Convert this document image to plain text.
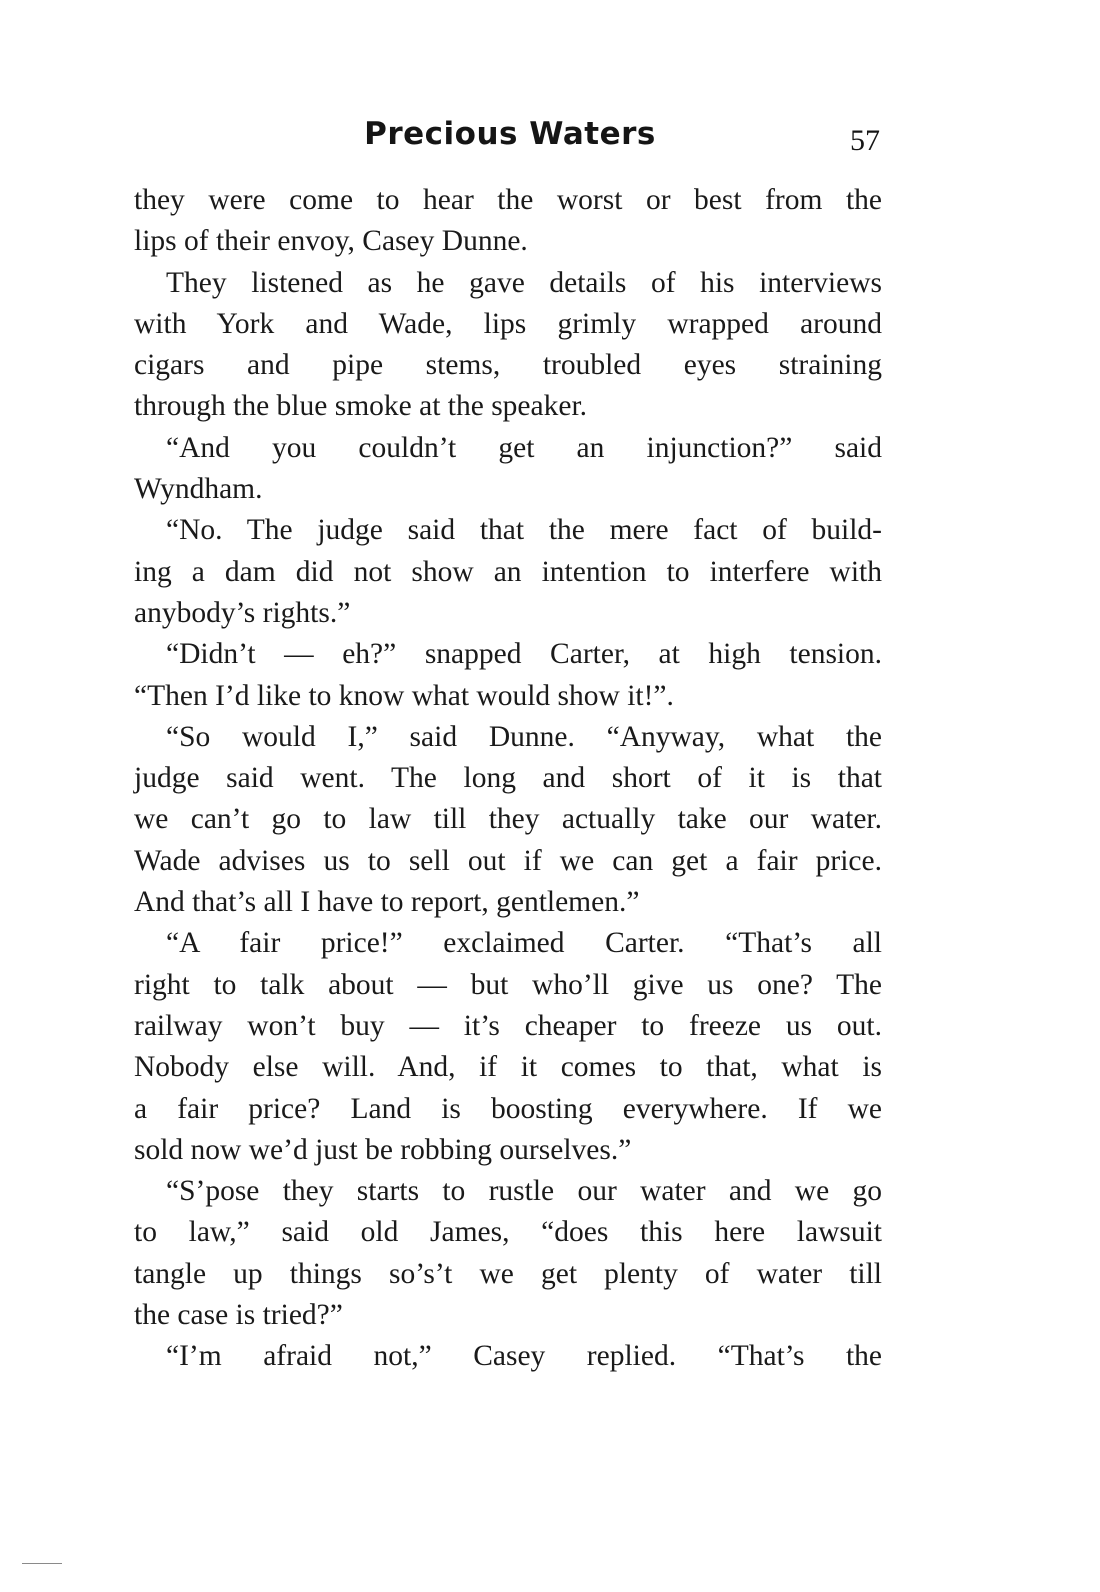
Precious Waters	57
they were come to hear the worst or best from the
lips of their envoy, Casey Dunne.
They listened as he gave details of his interviews
with York and Wade, lips grimly wrapped around
cigars and pipe stems, troubled eyes straining
through the blue smoke at the speaker.
“And you couldn’t get an injunction?” said
Wyndham.
“No. The judge said that the mere fact of build-
ing a dam did not show an intention to interfere with
anybody’s rights.”
“Didn’t — eh?” snapped Carter, at high tension.
“Then I’d like to know what would show it!”.
“So would I,” said Dunne. “Anyway, what the
judge said went. The long and short of it is that
we can’t go to law till they actually take our water.
Wade advises us to sell out if we can get a fair price.
And that’s all I have to report, gentlemen.”
“A fair price!” exclaimed Carter. “That’s all
right to talk about — but who’ll give us one? The
railway won’t buy — it’s cheaper to freeze us out.
Nobody else will. And, if it comes to that, what is
a fair price? Land is boosting everywhere. If we
sold now we’d just be robbing ourselves.”
“S’pose they starts to rustle our water and we go
to law,” said old James, “does this here lawsuit
tangle up things so’s’t we get plenty of water till
the case is tried?”
“I’m afraid not,” Casey replied. “That’s the
